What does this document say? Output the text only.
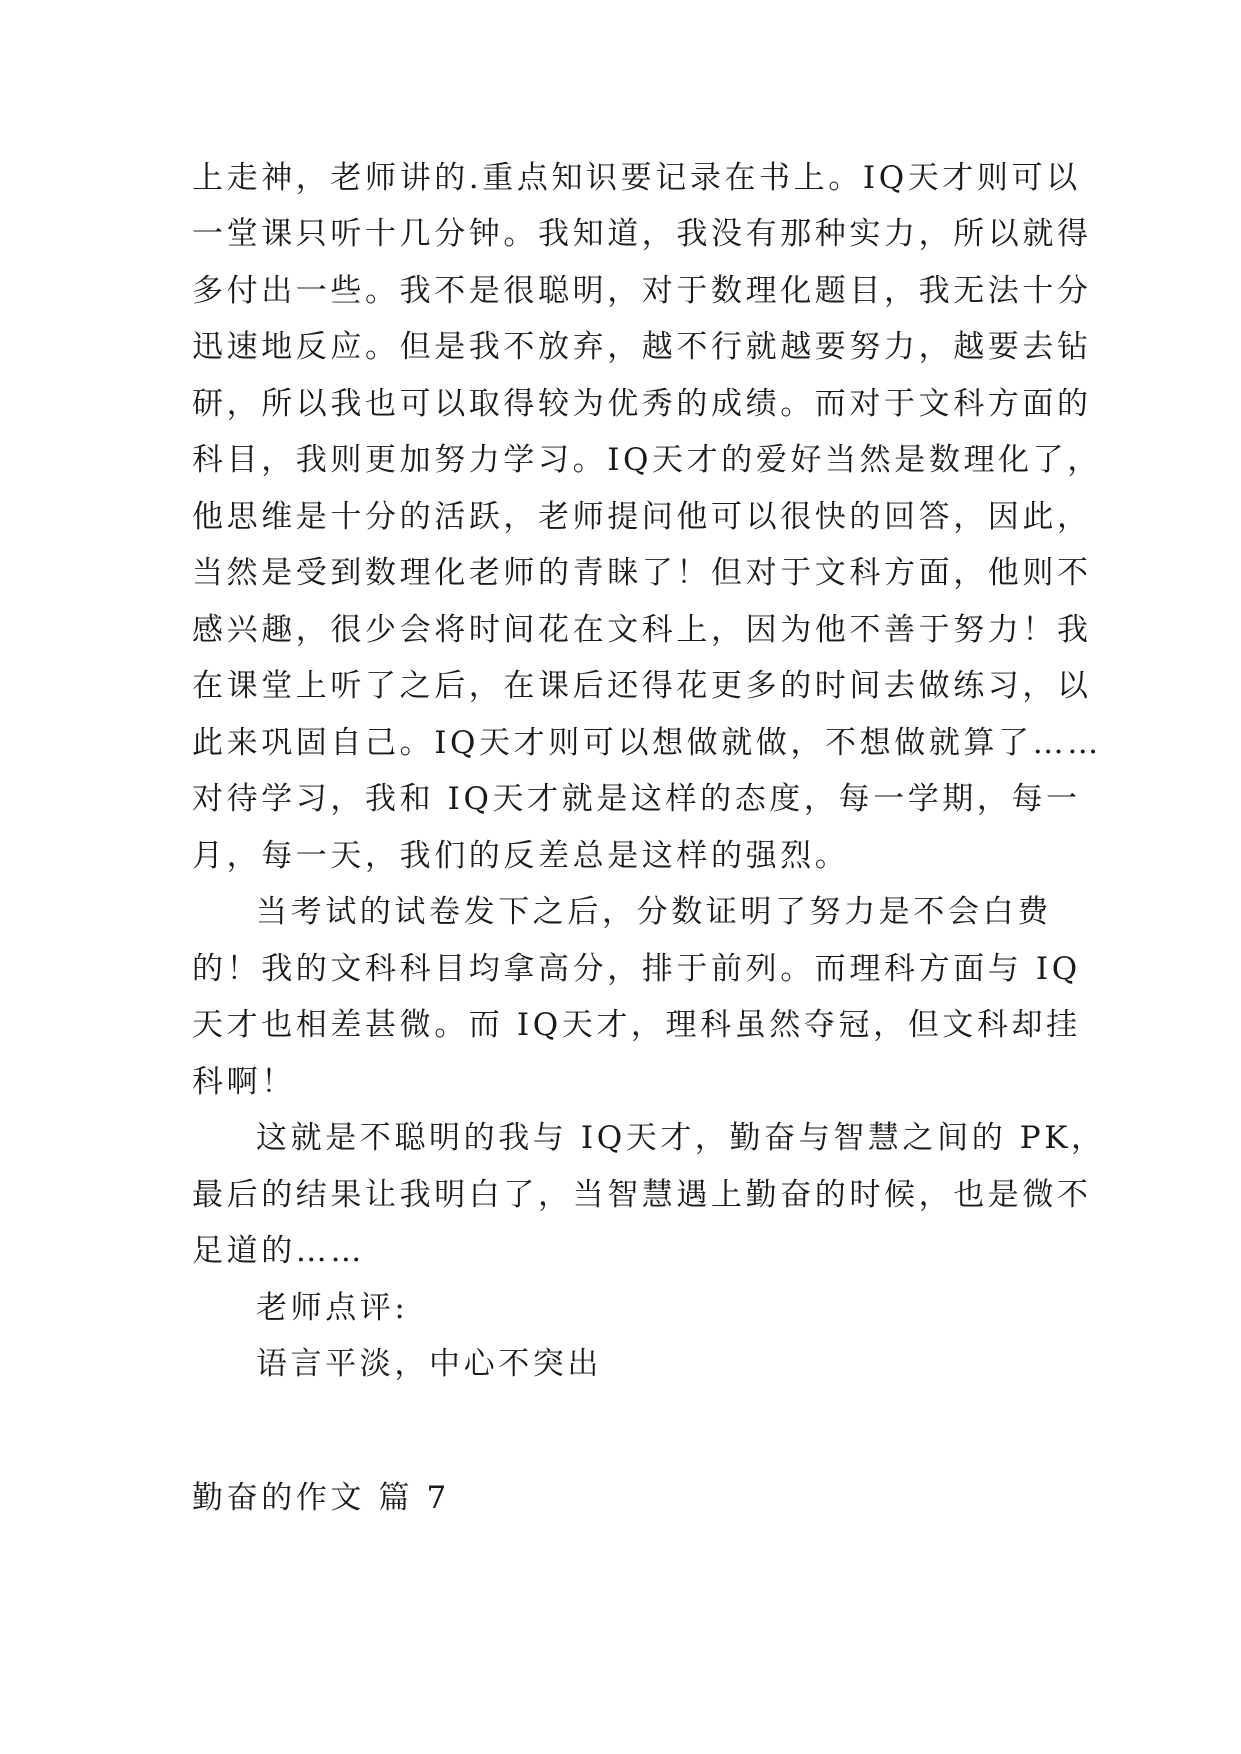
上走神，老师讲的.重点知识要记录在书上。IQ天才则可以
一堂课只听十几分钟。我知道，我没有那种实力，所以就得
多付出一些。我不是很聪明，对于数理化题目，我无法十分
迅速地反应。但是我不放弃，越不行就越要努力，越要去钻
研，所以我也可以取得较为优秀的成绩。而对于文科方面的
科目，我则更加努力学习。IQ天才的爱好当然是数理化了，
他思维是十分的活跃，老师提问他可以很快的回答，因此，
当然是受到数理化老师的青睐了！但对于文科方面，他则不
感兴趣，很少会将时间花在文科上，因为他不善于努力！我
在课堂上听了之后，在课后还得花更多的时间去做练习，以
此来巩固自己。IQ天才则可以想做就做，不想做就算了……
对待学习，我和 IQ天才就是这样的态度，每一学期，每一
月，每一天，我们的反差总是这样的强烈。
当考试的试卷发下之后，分数证明了努力是不会白费
的！我的文科科目均拿高分，排于前列。而理科方面与 IQ
天才也相差甚微。而 IQ天才，理科虽然夺冠，但文科却挂
科啊！
这就是不聪明的我与 IQ天才，勤奋与智慧之间的 PK，
最后的结果让我明白了，当智慧遇上勤奋的时候，也是微不
足道的……
老师点评:
语言平淡，中心不突出
勤奋的作文 篇 7
